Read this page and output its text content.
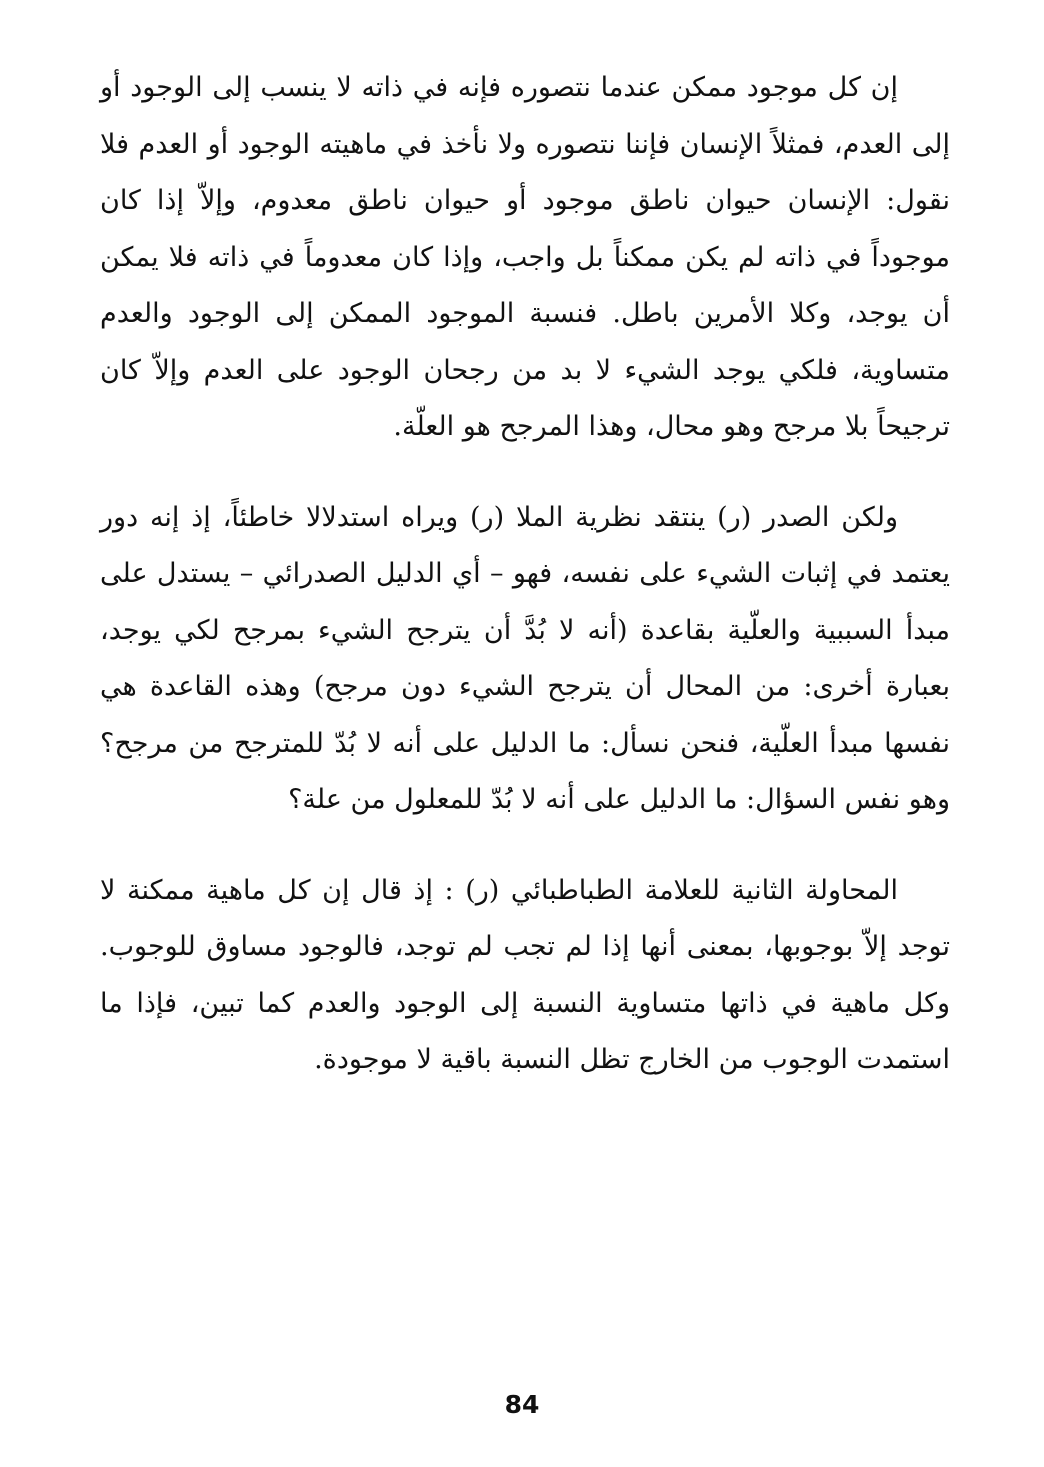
إن كل موجود ممكن عندما نتصوره فإنه في ذاته لا ينسب إلى الوجود أو إلى العدم، فمثلاً الإنسان فإننا نتصوره ولا نأخذ في ماهيته الوجود أو العدم فلا نقول: الإنسان حيوان ناطق موجود أو حيوان ناطق معدوم، وإلاّ إذا كان موجوداً في ذاته لم يكن ممكناً بل واجب، وإذا كان معدوماً في ذاته فلا يمكن أن يوجد، وكلا الأمرين باطل. فنسبة الموجود الممكن إلى الوجود والعدم متساوية، فلكي يوجد الشيء لا بد من رجحان الوجود على العدم وإلاّ كان ترجيحاً بلا مرجح وهو محال، وهذا المرجح هو العلّة.

ولكن الصدر (ر) ينتقد نظرية الملا (ر) ويراه استدلالا خاطئاً، إذ إنه دور يعتمد في إثبات الشيء على نفسه، فهو – أي الدليل الصدرائي – يستدل على مبدأ السببية والعلّية بقاعدة (أنه لا بُدَّ أن يترجح الشيء بمرجح لكي يوجد، بعبارة أخرى: من المحال أن يترجح الشيء دون مرجح) وهذه القاعدة هي نفسها مبدأ العلّية، فنحن نسأل: ما الدليل على أنه لا بُدّ للمترجح من مرجح؟ وهو نفس السؤال: ما الدليل على أنه لا بُدّ للمعلول من علة؟

المحاولة الثانية للعلامة الطباطبائي (ر) : إذ قال إن كل ماهية ممكنة لا توجد إلاّ بوجوبها، بمعنى أنها إذا لم تجب لم توجد، فالوجود مساوق للوجوب. وكل ماهية في ذاتها متساوية النسبة إلى الوجود والعدم كما تبين، فإذا ما استمدت الوجوب من الخارج تظل النسبة باقية لا موجودة.

84
